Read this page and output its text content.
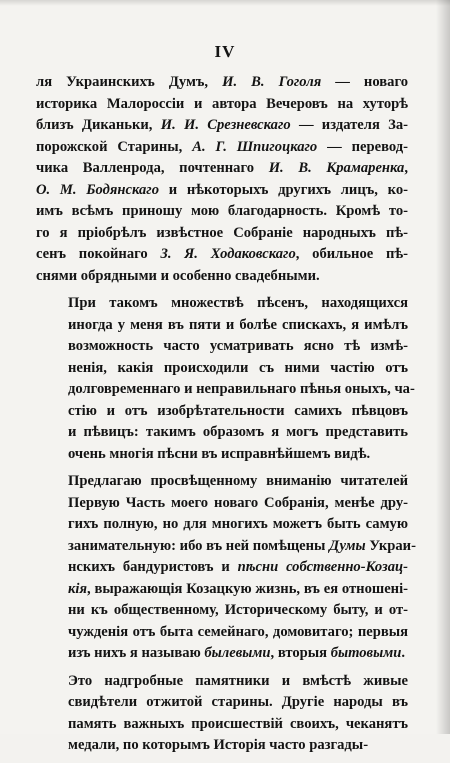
IV
ля Украинскихъ Думъ, И. В. Гоголя — новаго
историка Малороссіи и автора Вечеровъ на хуторѣ
близъ Диканьки, И. И. Срезневскаго — издателя За-
порожской Старины, А. Г. Шпигоцкаго — перевод-
чика Валленрода, почтеннаго И. В. Крамаренка,
О. М. Бодянскаго и нѣкоторыхъ другихъ лицъ, ко-
имъ всѣмъ приношу мою благодарность. Кромѣ то-
го я пріобрѣлъ извѣстное Собраніе народныхъ пѣ-
сенъ покойнаго З. Я. Ходаковскаго, обильное пѣ-
снями обрядными и особенно свадебными.
При такомъ множествѣ пѣсенъ, находящихся
иногда у меня въ пяти и болѣе спискахъ, я имѣлъ
возможность часто усматривать ясно тѣ измѣ-
ненія, какія происходили съ ними частію отъ
долговременнаго и неправильнаго пѣнья оныхъ, ча-
стію и отъ изобрѣтательности самихъ пѣвцовъ
и пѣвицъ: такимъ образомъ я могъ представить
очень многія пѣсни въ исправнѣйшемъ видѣ.
Предлагаю просвѣщенному вниманію читателей
Первую Часть моего новаго Собранія, менѣе дру-
гихъ полную, но для многихъ можетъ быть самую
занимательную: ибо въ ней помѣщены Думы Украи-
нскихъ бандуристовъ и пѣсни собственно-Козац-
кія, выражающія Козацкую жизнь, въ ея отношені-
ни къ общественному, Историческому быту, и от-
чужденія отъ быта семейнаго, домовитаго; первыя
изъ нихъ я называю былевыми, вторыя бытовыми.
Это надгробные памятники и вмѣстѣ живые
свидѣтели отжитой старины. Другіе народы въ
память важныхъ происшествій своихъ, чеканятъ
медали, по которымъ Исторія часто разгады-
